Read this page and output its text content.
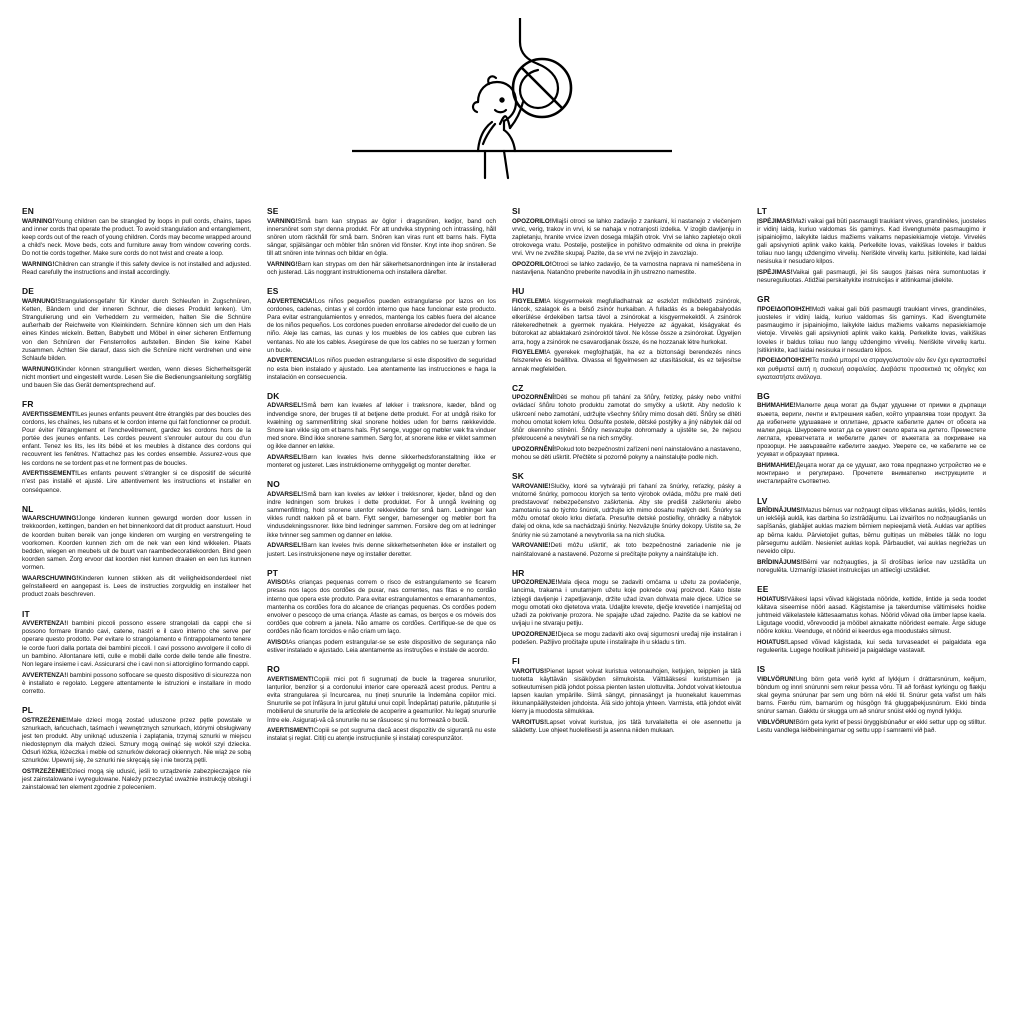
EN

WARNING!Young children can be strangled by loops in pull cords, chains, tapes and inner cords that operate the product. To avoid strangulation and entanglement, keep cords out of the reach of young children. Cords may become wrapped around a child's neck. Move beds, cots and furniture away from window covering cords. Do not tie cords together. Make sure cords do not twist and create a loop.

WARNING!Children can strangle if this safety device is not installed and adjusted. Read carefully the instructions and install accordingly.

DE

WARNUNG!Strangulationsgefahr für Kinder durch Schleufen in Zugschnüren, Ketten, Bändern und der inneren Schnur, die dieses Produkt lenken). Um Strangulierung und ein Verheddern zu vermeiden, halten Sie die Schnüre außerhalb der Reichweite von Kleinkindern. Schnüre können sich um den Hals eines Kindes wickeln. Betten, Babybett und Möbel in einer sicheren Entfernung von den Schnüren der Fensterrollos aufstellen. Binden Sie keine Kabel zusammen. Achten Sie darauf, dass sich die Schnüre nicht verdrehen und eine Schlaufe bilden.

WARNUNG!Kinder können strangulliert werden, wenn dieses Sicherheitsgerät nicht montiert und eingestellt wurde. Lesen Sie die Bedienungsanleitung sorgfältig und bauen Sie das Gerät dementsprechend auf.

FR

AVERTISSEMENT!Les jeunes enfants peuvent être étranglés par des boucles des cordons, les chaînes, les rubans et le cordon interne qui fait fonctionner ce produit. Pour éviter l'étranglement et l'enchevêtrement, gardez les cordons hors de la portée des jeunes enfants. Les cordes peuvent s'enrouler autour du cou d'un enfant. Tenez les lits, les lits bébé et les meubles à distance des cordons qui recouvrent les fenêtres. N'attachez pas les cordes ensemble. Assurez-vous que les cordons ne se tordent pas et ne forment pas de boucles.

AVERTISSEMENT!Les enfants peuvent s'étrangler si ce dispositif de sécurité n'est pas installé et ajusté. Lire attentivement les instructions et installer en conséquence.

NL

WAARSCHUWING!Jonge kinderen kunnen gewurgd worden door lussen in trekkoorden, kettingen, banden en het binnenkoord dat dit product aanstuurt. Houd de koorden buiten bereik van jonge kinderen om wurging en verstrengeling te voorkomen. Koorden kunnen zich om de nek van een kind wikkelen. Plaats bedden, wiegen en meubels uit de buurt van raambedecoratiekoorden. Bind geen koorden samen. Zorg ervoor dat koorden niet kunnen draaien en een lus kunnen vormen.

WAARSCHUWING!Kinderen kunnen stikken als dit veiligheidsonderdeel niet geïnstalleerd en aangepast is. Lees de instructies zorgvuldig en installeer het product zoals beschreven.

IT

AVVERTENZA!I bambini piccoli possono essere strangolati da cappi che si possono formare tirando cavi, catene, nastri e il cavo interno che serve per operare questo prodotto. Per evitare lo strangolamento e l'intrappolamento tenere le corde fuori dalla portata dei bambini piccoli. I cavi possono avvolgere il collo di un bambino. Allontanare letti, culle e mobili dalle corde delle tende alle finestre. Non legare insieme i cavi. Assicurarsi che i cavi non si attorciglino formando cappi.

AVVERTENZA!I bambini possono soffocare se questo dispositivo di sicurezza non è installato e regolato. Leggere attentamente le istruzioni e installare in modo corretto.

PL

OSTRZEŻENIE!Małe dzieci mogą zostać uduszone przez pętle powstałe w sznurkach, łańcuchach, taśmach i wewnętrznych sznurkach, którymi obsługiwany jest ten produkt. Aby uniknąć uduszenia i zaplątania, trzymaj sznurki w miejscu niedostępnym dla małych dzieci. Sznury mogą owinąć się wokół szyi dziecka. Odsuń łóżka, łóżeczka i meble od sznurków dekoracji okiennych. Nie wiąż ze sobą sznurków. Upewnij się, że sznurki nie skręcają się i nie tworzą pętli.

OSTRZEŻENIE!Dzieci mogą się udusić, jeśli to urządzenie zabezpieczające nie jest zainstalowane i wyregulowane. Należy przeczytać uważnie instrukcję obsługi i zainstalować ten element zgodnie z poleceniem.

SE

VARNING!Små barn kan strypas av öglor i dragsnören, kedjor, band och innersnöret som styr denna produkt. För att undvika strypning och intrassling, håll snören utom räckhåll för små barn. Snören kan viras runt ett barns hals. Flytta sängar, spjälsängar och möbler från snören vid fönster. Knyt inte ihop snören. Se till att snören inte tvinnas och bildar en ögla.

VARNING!Barn kan strypas om den här säkerhetsanordningen inte är installerad och justerad. Läs noggrant instruktionerna och installera därefter.

ES

ADVERTENCIA!Los niños pequeños pueden estrangularse por lazos en los cordones, cadenas, cintas y el cordón interno que hace funcionar este producto. Para evitar estrangulamientos y enredos, mantenga los cables fuera del alcance de los niños pequeños. Los cordones pueden enrollarse alrededor del cuello de un niño. Aleje las camas, las cunas y los muebles de los cables que cubren las ventanas. No ate los cables. Asegúrese de que los cables no se tuerzan y formen un bucle.

ADVERTENCIA!Los niños pueden estrangularse si este dispositivo de seguridad no esta bien instalado y ajustado. Lea atentamente las instrucciones e haga la instalación en consecuencia.

DK

ADVARSEL!Små børn kan kvæles af løkker i træksnore, kæder, bånd og indvendige snore, der bruges til at betjene dette produkt. For at undgå risiko for kvælning og sammenfiltring skal snorene holdes uden for børns rækkevidde. Snore kan vikle sig om et barns hals. Flyt senge, vugger og møbler væk fra vinduer med snore. Bind ikke snorene sammen. Sørg for, at snorene ikke er viklet sammen og ikke danner en løkke.

ADVARSEL!Børn kan kvæles hvis denne sikkerhedsforanstaltning ikke er monteret og justeret. Læs instruktionerne omhyggeligt og monter derefter.

NO

ADVARSEL!Små barn kan kveles av løkker i trekksnorer, kjeder, bånd og den indre ledningen som brukes i dette produktet. For å unngå kvelning og sammenfiltring, hold snorene utenfor rekkevidde for små barn. Ledninger kan vikles rundt nakken på et barn. Flytt senger, barnesenger og møbler bort fra vindusdekningssnorer. Ikke bind ledninger sammen. Forsikre deg om at ledninger ikke tvinner seg sammen og danner en løkke.

ADVARSEL!Barn kan kveles hvis denne sikkerhetsenheten ikke er installert og justert. Les instruksjonene nøye og installer deretter.

PT

AVISO!As crianças pequenas correm o risco de estrangulamento se ficarem presas nos laços dos cordões de puxar, nas correntes, nas fitas e no cordão interno que opera este produto. Para evitar estrangulamentos e emaranhamentos, mantenha os cordões fora do alcance de crianças pequenas. Os cordões podem envolver o pescoço de uma criança. Afaste as camas, os berços e os móveis dos cordões que cobrem a janela. Não amarre os cordões. Certifique-se de que os cordões não ficam torcidos e não criam um laço.

AVISO!As crianças podem estrangular-se se este dispositivo de segurança não estiver instalado e ajustado. Leia atentamente as instruções e instale de acordo.

RO

AVERTISMENT!Copiii mici pot fi sugrumați de bucle la tragerea snururilor, lanțurilor, benzilor și a cordonului interior care operează acest produs. Pentru a evita strangularea și încurcarea, nu țineți snururile la îndemâna copiilor mici. Snururile se pot înfășura în jurul gâtului unui copil. Îndepărtați paturile, pătuțurile și mobilierul de snururile de la articolele de acoperire a geamurilor. Nu legați snururile între ele. Asigurați-vă că snururile nu se răsucesc și nu formează o buclă.

AVERTISMENT!Copiii se pot sugruma dacă acest dispozitiv de siguranță nu este instalat și reglat. Citiți cu atenție instrucțiunile și instalați corespunzător.

SI

OPOZORILO!Mlajši otroci se lahko zadavijo z zankami, ki nastanejo z vlečenjem vrvic, verig, trakov in vrvi, ki se nahaja v notranjosti izdelka. V izogib davljenju in zapletanju, hranite vrvice izven dosega mlajših otrok. Vrvi se lahko zapletejo okoli otrokovega vratu. Postelje, posteljice in pohištvo odmaknite od okna in prekrijte vrvi. Vrv ne zvežite skupaj. Pazite, da se vrvi ne zvijejo in zavozlajo.

OPOZORILO!Otroci se lahko zadavijo, če ta varnostna naprava ni nameščena in nastavljena. Natančno preberite navodila in jih ustrezno namestite.

HU

FIGYELEM!A kisgyermekek megfulladhatnak az eszközt működtető zsinórok, láncok, szalagok és a belső zsinór hurkaiban. A fulladás és a belegabalyodás elkerülése érdekében tartsa távol a zsinórokat a kisgyermekektől. A zsinórok rátekeredhetnek a gyermek nyakára. Helyezze az ágyakat, kiságyakat és bútorokat az ablaktakaró zsinóroktól távol. Ne kösse össze a zsinórokat. Ügyeljen arra, hogy a zsinórok ne csavarodjanak össze, és ne hozzanak létre hurkokat.

FIGYELEM!A gyerekek megfojthatják, ha ez a biztonsági berendezés nincs felszerelve és beállítva. Olvassa el figyelmesen az utasításokat, és ez teljesítse annak megfelelően.

CZ

UPOZORNĚNÍ!Děti se mohou při tahání za šňůry, řetízky, pásky nebo vnitřní ovládací šňůru tohoto produktu zamotat do smyčky a uškrtit. Aby nedošlo k uškrcení nebo zamotání, udržujte všechny šňůry mimo dosah dětí. Šňůry se dítěti mohou omotat kolem krku. Odsuňte postele, dětské postýlky a jiný nábytek dál od šňůr okenního stínění. Šňůry nesvazujte dohromady a ujistěte se, že nejsou překroucené a nevytváří se na nich smyčky.

UPOZORNĚNÍ!Pokud toto bezpečnostní zařízení není nainstalováno a nastaveno, mohou se děti uškrtit. Přečtěte si pozorně pokyny a nainstalujte podle nich.

SK

VAROVANIE!Slučky, ktoré sa vytvárajú pri ťahaní za šnúrky, reťazky, pásky a vnútorné šnúrky, pomocou ktorých sa tento výrobok ovláda, môžu pre malé deti predstavovať nebezpečenstvo zaškrtenia. Aby ste predišli zaškrteniu alebo zamotaniu sa do týchto šnúrok, udržujte ich mimo dosahu malých detí. Šnúrky sa môžu omotať okolo krku dieťaťa. Presuňte detské postieľky, ohrádky a nábytok ďalej od okna, kde sa nachádzajú šnúrky. Nezväzujte šnúrky dokopy. Uistite sa, že šnúrky nie sú zamotané a nevytvorila sa na nich slučka.

VAROVANIE!Deti môžu uškrtiť, ak toto bezpečnostné zariadenie nie je nainštalované a nastavené. Pozorne si prečítajte pokyny a nainštalujte ich.

HR

UPOZORENJE!Mala djeca mogu se zadaviti omčama u užetu za povlačenje, lancima, trakama i unutarnjem užetu koje pokreće ovaj proizvod. Kako biste izbjegli davljenje i zapetljavanje, držite užad izvan dohvata male djece. Užice se mogu omotati oko djetetova vrata. Udaljite krevete, dječje krevetiće i namještaj od užadi za pokrivanje prozora. Ne spajajte užad zajedno. Pazite da se kablovi ne uvijaju i ne stvaraju petlju.

UPOZORENJE!Djeca se mogu zadaviti ako ovaj sigurnosni uređaj nije instaliran i podešen. Pažljivo pročitajte upute i instalirajte ih u skladu s tim.

FI

VAROITUS!Pienet lapset voivat kuristua vetonauhojen, ketjujen, teippien ja tätä tuotetta käyttävän sisäköyden silmukoista. Välttääksesi kuristumisen ja sotkeutumisen pidä johdot poissa pienten lasten ulottuvilta. Johdot voivat kietoutua lapsen kaulan ympärille. Siirrä sängyt, pinnasängyt ja huonekalut kauemmas ikkunanpäällysteiden johdoista. Älä sido johtoja yhteen. Varmista, että johdot eivät kierry ja muodosta silmukkaa.

VAROITUS!Lapset voivat kuristua, jos tätä turvalaitetta ei ole asennettu ja säädetty. Lue ohjeet huolellisesti ja asenna niiden mukaan.

LT

ĮSPĖJIMAS!Maži vaikai gali būti pasmaugti traukiant virves, grandinėles, juosteles ir vidinį laidą, kuriuo valdomas šis gaminys. Kad išvengtumėte pasmaugimo ir įsipainiojimo, laikykite laidus mažiems vaikams nepasiekiamoje vietoje. Virvelės gali apsivynioti aplink vaiko kaklą. Perkelkite lovas, vaikiškas loveles ir baldus toliau nuo langų uždengimo virvelių. Neriškite virvelių kartu. Įsitikinkite, kad laidai nesisuka ir nesudaro kilpos.

ĮSPĖJIMAS!Vaikai gali pasmaugti, jei šis saugos įtaisas nėra sumontuotas ir nesureguliuotas. Atidžiai perskaitykite instrukcijas ir atitinkamai įdiekite.

GR

ΠΡΟΕΙΔΟΠΟΙΗΣΗ!Μαži vaikai gali būti pasmaugti traukiant virves, grandinėles, juosteles ir vidinį laidą, kuriuo valdomas šis gaminys. Kad išvengtumėte pasmaugimo ir įsipainiojimo, laikykite laidus mažiems vaikams nepasiekiamoje vietoje. Virvelės gali apsivynioti aplink vaiko kaklą. Perkelkite lovas, vaikiškas loveles ir baldus toliau nuo langų uždengimo virvelių. Neriškite virvelių kartu. Įsitikinkite, kad laidai nesisuka ir nesudaro kilpos.

ΠΡΟΕΙΔΟΠΟΙΗΣΗ!Τα παιδιά μπορεί να στραγγαλιστούν εάν δεν έχει εγκατασταθεί και ρυθμιστεί αυτή η συσκευή ασφαλείας. Διαβάστε προσεκτικά τις οδηγίες και εγκαταστήστε ανάλογα.

BG

ВНИМАНИЕ!Малките деца могат да бъдат удушени от примки в дърпащи въжета, вериги, ленти и вътрешния кабел, който управлява този продукт. За да избегнете удушаване и оплитане, дръжте кабелите далеч от обсега на малки деца. Шнуровете могат да се увият около врата на детето. Преместете леглата, креватчетата и мебелите далеч от въжетата за покриване на прозорци. Не завързвайте кабелите заедно. Уверете се, че кабелите не се усукват и образуват примка.

ВНИМАНИЕ!Децата могат да се удушат, ако това предпазно устройство не е монтирано и регулирано. Прочетете внимателно инструкциите и инсталирайте съответно.

LV

BRĪDINĀJUMS!Mazus bērnus var nožņaugt cilpas vilkšanas auklās, ķēdēs, lentēs un iekšējā auklā, kas darbina šo izstrādājumu. Lai izvairītos no nožņaugšanās un sapīšanās, glabājiet auklas maziem bērniem nepieejamā vietā. Auklas var aptīties ap bērna kaklu. Pārvietojiet gultas, bērnu gultiņas un mēbeles tālāk no logu pārsegumu auklām. Nesieniet auklas kopā. Pārbaudiet, vai auklas negriežas un neveido cilpu.

BRĪDINĀJUMS!Bērni var nožņaugties, ja šī drošības ierīce nav uzstādīta un noregulēta. Uzmanīgi izlasiet instrukcijas un attiecīgi uzstādiet.

EE

HOIATUS!Väikesi lapsi võivad käigistada nööride, kettide, lintide ja seda toodet käitava siseemise nööri aasad. Kägistamise ja takerdumise vältimiseks hoidke juhtmeid väikelastele kättesaamatus kohas. Nöörid võivad olla ümber lapse kaela. Liigutage voodid, võrevoodid ja mööbel aknakatte nööridest eemale. Ärge siduge nööre kokku. Veenduge, et nöörid ei keerdus ega moodustaks silmust.

HOIATUS!Lapsed võivad kägistada, kui seda turvaseadet ei paigaldata ega reguleerita. Lugege hoolikalt juhiseid ja paigaldage vastavalt.

IS

VIÐLVÖRUN!Ung börn geta verið kyrkt af lykkjum í dráttarsnúrum, keðjum, böndum og innri snúrunni sem rekur þessa vöru. Til að forðast kyrkingu og flækju skal geyma snúrunar þar sem ung börn ná ekki til. Snúrur geta vafist um háls barns. Færðu rúm, barnarúm og húsgögn frá gluggaþekjusnúrum. Ekki binda snúrur saman. Gakktu úr skugga um að snúrur snúist ekki og myndi lykkju.

VIÐLVÖRUN!Börn geta kyrkt ef þessi öryggisbúnaður er ekki settur upp og stilltur. Lestu vandlega leiðbeiningarnar og settu upp í samræmi við það.
